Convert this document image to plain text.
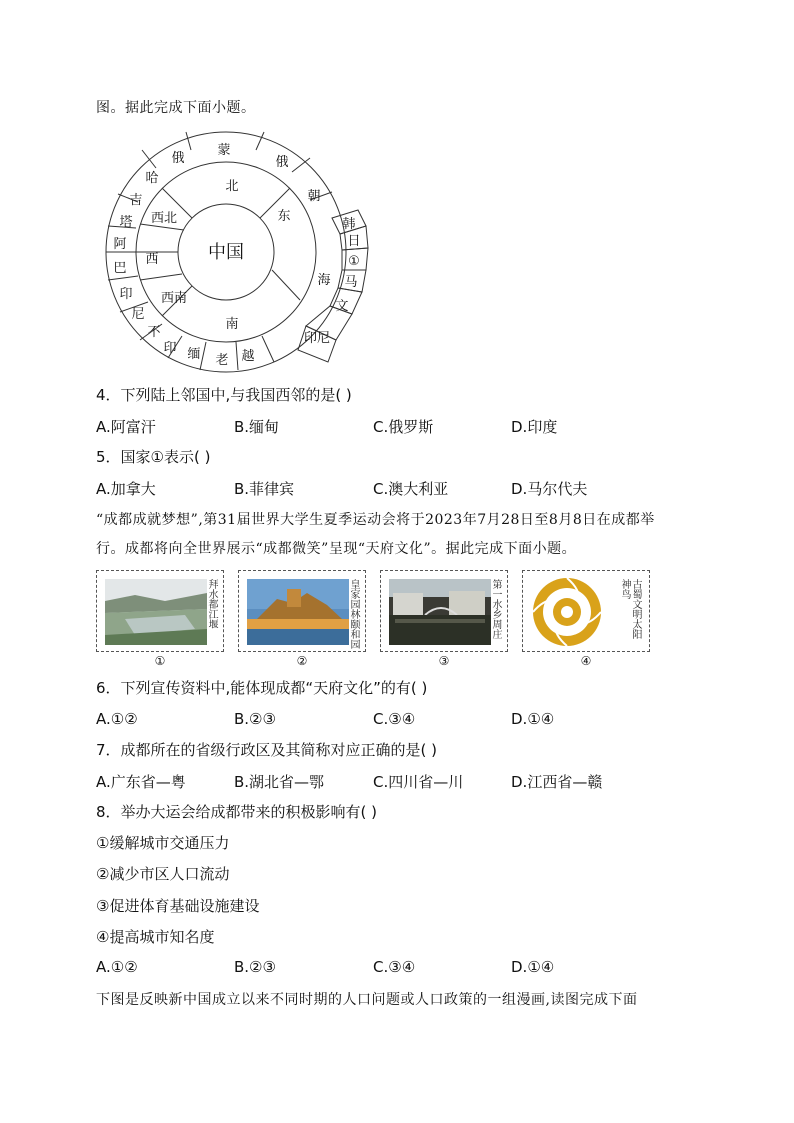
图。据此完成下面小题。
中国
北
东
海
南
西南
西
西北
俄
蒙
俄
朝
哈
吉
塔
阿
巴
印
尼
不
印 缅 老 越
韩
日
①
马
文
印尼
4．下列陆上邻国中,与我国西邻的是( )
A.阿富汗	B.缅甸	C.俄罗斯	D.印度
5．国家①表示( )
A.加拿大	B.菲律宾	C.澳大利亚	D.马尔代夫
“成都成就梦想”,第31届世界大学生夏季运动会将于2023年7月28日至8月8日在成都举
行。成都将向全世界展示“成都微笑”呈现“天府文化”。据此完成下面小题。
拜水都江堰	皇家园林颐和园	第一水乡周庄	古蜀文明太阳神鸟
①	②	③	④
6．下列宣传资料中,能体现成都“天府文化”的有( )
A.①②	B.②③	C.③④	D.①④
7．成都所在的省级行政区及其简称对应正确的是( )
A.广东省—粤	B.湖北省—鄂	C.四川省—川	D.江西省—赣
8．举办大运会给成都带来的积极影响有( )
①缓解城市交通压力
②减少市区人口流动
③促进体育基础设施建设
④提高城市知名度
A.①②	B.②③	C.③④	D.①④
下图是反映新中国成立以来不同时期的人口问题或人口政策的一组漫画,读图完成下面
